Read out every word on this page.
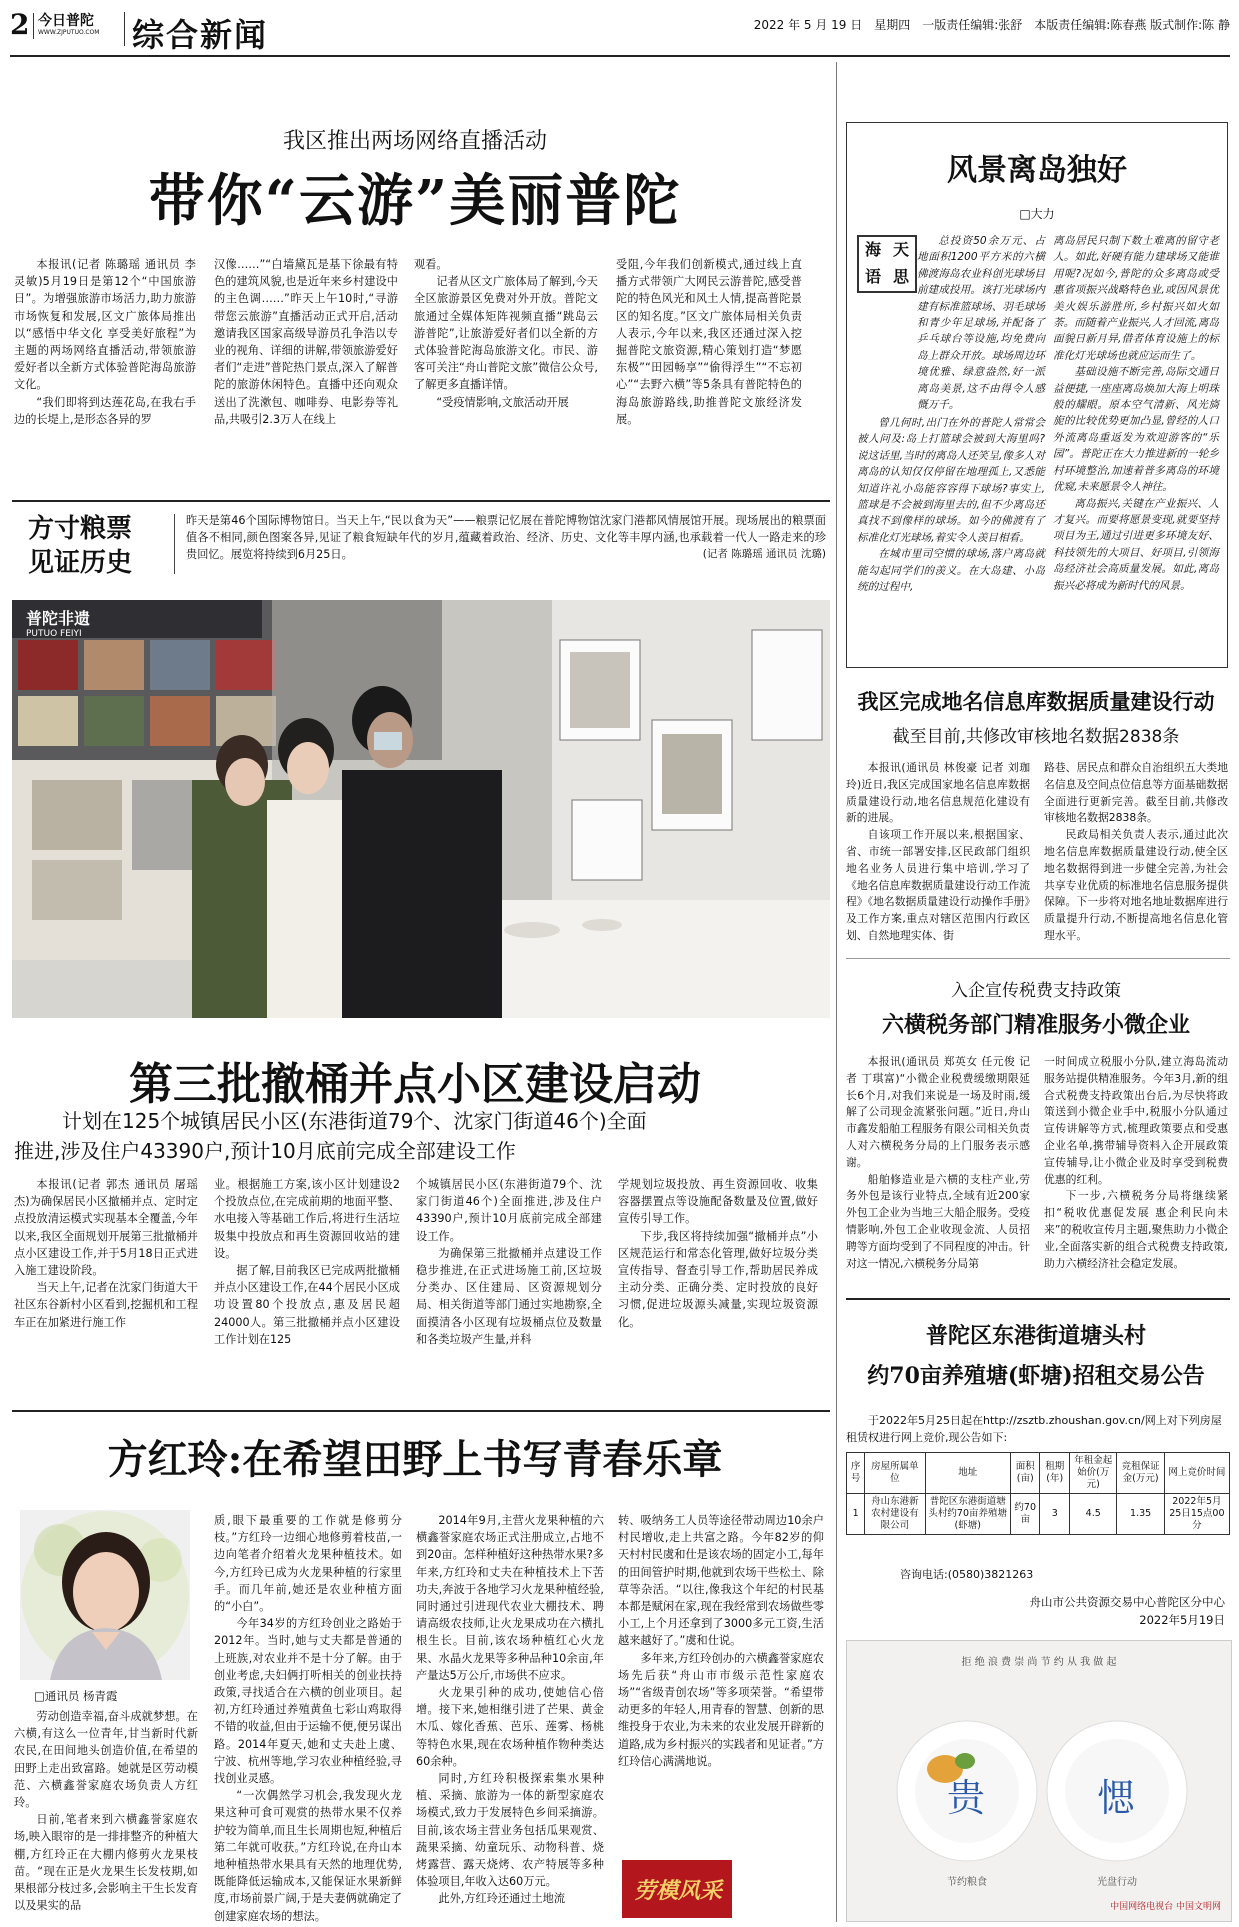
2 今日普陀
WWW.ZJPUTUO.COM 综合新闻	2022 年 5 月 19 日　星期四　一版责任编辑:张舒　本版责任编辑:陈春燕 版式制作:陈 静
我区推出两场网络直播活动
带你“云游”美丽普陀

本报讯(记者 陈璐瑶 通讯员 李灵敏)5月19日是第12个“中国旅游日”。为增强旅游市场活力,助力旅游市场恢复和发展,区文广旅体局推出以“感悟中华文化 享受美好旅程”为主题的两场网络直播活动,带领旅游爱好者以全新方式体验普陀海岛旅游文化。

“我们即将到达莲花岛,在我右手边的长堤上,是形态各异的罗

汉像……”“白墙黛瓦是基下徐最有特色的建筑风貌,也是近年来乡村建设中的主色调……”昨天上午10时,“寻游带您云旅游”直播活动正式开启,活动邀请我区国家高级导游员孔争浩以专业的视角、详细的讲解,带领旅游爱好者们“走进”普陀热门景点,深入了解普陀的旅游休闲特色。直播中还向观众送出了洗漱包、咖啡券、电影券等礼品,共吸引2.3万人在线上

观看。

记者从区文广旅体局了解到,今天全区旅游景区免费对外开放。普陀文旅通过全媒体矩阵视频直播“跳岛云游普陀”,让旅游爱好者们以全新的方式体验普陀海岛旅游文化。市民、游客可关注“舟山普陀文旅”微信公众号,了解更多直播详情。

“受疫情影响,文旅活动开展

受阻,今年我们创新模式,通过线上直播方式带领广大网民云游普陀,感受普陀的特色风光和风土人情,提高普陀景区的知名度。”区文广旅体局相关负责人表示,今年以来,我区还通过深入挖掘普陀文旅资源,精心策划打造“梦愿东极”“田园畅享”“偷得浮生”“不忘初心”“去野六横”等5条具有普陀特色的海岛旅游路线,助推普陀文旅经济发展。

方寸粮票
见证历史
昨天是第46个国际博物馆日。当天上午,“民以食为天”——粮票记忆展在普陀博物馆沈家门港都风情展馆开展。现场展出的粮票面值各不相同,颜色图案各异,见证了粮食短缺年代的岁月,蕴藏着政治、经济、历史、文化等丰厚内涵,也承载着一代人一路走来的珍贵回忆。展览将持续到6月25日。	(记者 陈璐瑶 通讯员 沈璐)
普陀非遗
PUTUO FEIYI
第三批撤桶并点小区建设启动
计划在125个城镇居民小区(东港街道79个、沈家门街道46个)全面
推进,涉及住户43390户,预计10月底前完成全部建设工作

本报讯(记者 郭杰 通讯员 屠瑶杰)为确保居民小区撤桶并点、定时定点投放清运模式实现基本全覆盖,今年以来,我区全面规划开展第三批撤桶并点小区建设工作,并于5月18日正式进入施工建设阶段。

当天上午,记者在沈家门街道大干社区东谷新村小区看到,挖掘机和工程车正在加紧进行施工作

业。根据施工方案,该小区计划建设2个投放点位,在完成前期的地面平整、水电接入等基础工作后,将进行生活垃圾集中投放点和再生资源回收站的建设。

据了解,目前我区已完成两批撤桶并点小区建设工作,在44个居民小区成功设置80个投放点,惠及居民超24000人。第三批撤桶并点小区建设工作计划在125

个城镇居民小区(东港街道79个、沈家门街道46个)全面推进,涉及住户43390户,预计10月底前完成全部建设工作。

为确保第三批撤桶并点建设工作稳步推进,在正式进场施工前,区垃圾分类办、区住建局、区资源规划分局、相关街道等部门通过实地勘察,全面摸清各小区现有垃圾桶点位及数量和各类垃圾产生量,并科

学规划垃圾投放、再生资源回收、收集容器摆置点等设施配备数量及位置,做好宣传引导工作。

下步,我区将持续加强“撤桶并点”小区规范运行和常态化管理,做好垃圾分类宣传指导、督查引导工作,帮助居民养成主动分类、正确分类、定时投放的良好习惯,促进垃圾源头减量,实现垃圾资源化。

方红玲:在希望田野上书写青春乐章
□通讯员 杨青霞

劳动创造幸福,奋斗成就梦想。在六横,有这么一位青年,甘当新时代新农民,在田间地头创造价值,在希望的田野上走出致富路。她就是区劳动模范、六横鑫誉家庭农场负责人方红玲。

日前,笔者来到六横鑫誉家庭农场,映入眼帘的是一排排整齐的种植大棚,方红玲正在大棚内修剪火龙果枝苗。“现在正是火龙果生长发枝期,如果根部分枝过多,会影响主干生长发育以及果实的品

质,眼下最重要的工作就是修剪分枝。”方红玲一边细心地修剪着枝苗,一边向笔者介绍着火龙果种植技术。如今,方红玲已成为火龙果种植的行家里手。而几年前,她还是农业种植方面的“小白”。

今年34岁的方红玲创业之路始于2012年。当时,她与丈夫都是普通的上班族,对农业并不是十分了解。由于创业考虑,夫妇俩打听相关的创业扶持政策,寻找适合在六横的创业项目。起初,方红玲通过养殖黄鱼七彩山鸡取得不错的收益,但由于运输不便,便另谋出路。2014年夏天,她和丈夫赴上虞、宁波、杭州等地,学习农业种植经验,寻找创业灵感。

“一次偶然学习机会,我发现火龙果这种可食可观赏的热带水果不仅养护较为简单,而且生长周期也短,种植后第二年就可收获。”方红玲说,在舟山本地种植热带水果具有天然的地理优势,既能降低运输成本,又能保证水果新鲜度,市场前景广阔,于是夫妻俩就确定了创建家庭农场的想法。

2014年9月,主营火龙果种植的六横鑫誉家庭农场正式注册成立,占地不到20亩。怎样种植好这种热带水果?多年来,方红玲和丈夫在种植技术上下苦功夫,奔波于各地学习火龙果种植经验,同时通过引进现代农业大棚技术、聘请高级农技师,让火龙果成功在六横扎根生长。目前,该农场种植红心火龙果、水晶火龙果等多种品种10余亩,年产量达5万公斤,市场供不应求。

火龙果引种的成功,使她信心倍增。接下来,她相继引进了芒果、黄金木瓜、嫁化香蕉、芭乐、莲雾、杨桃等特色水果,现在农场种植作物种类达60余种。

同时,方红玲积极探索集水果种植、采摘、旅游为一体的新型家庭农场模式,致力于发展特色乡间采摘游。目前,该农场主营业务包括瓜果观赏、蔬果采摘、幼童玩乐、动物科普、烧烤露营、露天烧烤、农产特展等多种体验项目,年收入达60万元。

此外,方红玲还通过土地流

转、吸纳务工人员等途径带动周边10余户村民增收,走上共富之路。今年82岁的仰天村村民虞和仕是该农场的固定小工,每年的田间管护时期,他就到农场干些松土、除草等杂活。“以往,像我这个年纪的村民基本都是赋闲在家,现在我经常到农场做些零小工,上个月还拿到了3000多元工资,生活越来越好了。”虞和仕说。

多年来,方红玲创办的六横鑫誉家庭农场先后获“舟山市市级示范性家庭农场”“省级青创农场”等多项荣誉。“希望带动更多的年轻人,用青春的智慧、创新的思维投身于农业,为未来的农业发展开辟新的道路,成为乡村振兴的实践者和见证者。”方红玲信心满满地说。

劳模风采
风景离岛独好
□大力
海 天
语 思

总投资50余万元、占地面积1200平方米的六横佛渡海岛农业科创光球场目前建成投用。该打光球场内建有标准篮球场、羽毛球场和青少年足球场,并配备了乒乓球台等设施,均免费向岛上群众开放。球场周边环境优雅、绿意盎然,好一派离岛美景,这不由得令人感慨万千。

曾几何时,出门在外的普陀人常常会被人问及:岛上打篮球会被到大海里吗?说这话里,当时的离岛人还笑呈,像多人对离岛的认知仅仅停留在地理孤上,又悉能知道许礼小岛能容容得下球场?事实上,篮球是不会被到海里去的,但不少离岛还真找不到像样的球场。如今的佛渡有了标准化灯光球场,着实令人羡目相看。

在城市里司空惯的球场,落户离岛就能勾起同学们的羡义。在大岛建、小岛统的过程中,

离岛居民只制下数土难离的留守老人。如此,好硬有能力建球场又能谁用呢?况如今,普陀的众多离岛或受惠省项振兴战略特色业,或因风景优美火娱乐游胜所,乡村振兴如火如荼。而随着产业振兴,人才回流,离岛面貌日新月异,借者体育设施上的标准化灯光球场也就应运而生了。

基础设施不断完善,岛际交通日益便捷,一座座离岛焕加大海上明珠般的耀眼。原本空气清新、风光旖旎的比较优势更加凸显,曾经的人口外流离岛重返发为欢迎游客的“乐园”。普陀正在大力推进新的一轮乡村环境整治,加速着普多离岛的环境优窥,未来愿景令人神往。

离岛振兴,关键在产业振兴、人才复兴。而要将愿景变现,就要坚持项目为王,通过引进更多环境友好、科技领先的大项目、好项目,引领海岛经济社会高质量发展。如此,离岛振兴必将成为新时代的风景。

我区完成地名信息库数据质量建设行动
截至目前,共修改审核地名数据2838条

本报讯(通讯员 林俊豪 记者 刘珈玲)近日,我区完成国家地名信息库数据质量建设行动,地名信息规范化建设有新的进展。

自该项工作开展以来,根据国家、省、市统一部署安排,区民政部门组织地名业务人员进行集中培训,学习了《地名信息库数据质量建设行动工作流程》《地名数据质量建设行动操作手册》及工作方案,重点对辖区范围内行政区划、自然地理实体、街

路巷、居民点和群众自治组织五大类地名信息及空间点位信息等方面基础数据全面进行更新完善。截至目前,共修改审核地名数据2838条。

民政局相关负责人表示,通过此次地名信息库数据质量建设行动,使全区地名数据得到进一步健全完善,为社会共享专业优质的标准地名信息服务提供保障。下一步将对地名地址数据库进行质量提升行动,不断提高地名信息化管理水平。

入企宣传税费支持政策
六横税务部门精准服务小微企业

本报讯(通讯员 郑英女 任元俊 记者 丁琪富)“小微企业税费缓缴期限延长6个月,对我们来说是一场及时雨,缓解了公司现金流紧张问题。”近日,舟山市鑫发船舶工程服务有限公司相关负责人对六横税务分局的上门服务表示感谢。

船舶修造业是六横的支柱产业,劳务外包是该行业特点,全域有近200家外包工企业为当地三大船企服务。受疫情影响,外包工企业收现金流、人员招聘等方面均受到了不同程度的冲击。针对这一情况,六横税务分局第

一时间成立税服小分队,建立海岛流动服务站提供精准服务。今年3月,新的组合式税费支持政策出台后,为尽快将政策送到小微企业手中,税服小分队通过宣传讲解等方式,梳理政策要点和受惠企业名单,携带辅导资料入企开展政策宣传辅导,让小微企业及时享受到税费优惠的红利。

下一步,六横税务分局将继续紧扣“税收优惠促发展 惠企利民向未来”的税收宣传月主题,聚焦助力小微企业,全面落实新的组合式税费支持政策,助力六横经济社会稳定发展。

普陀区东港街道塘头村
约70亩养殖塘(虾塘)招租交易公告
于2022年5月25日起在http://zsztb.zhoushan.gov.cn/网上对下列房屋租赁权进行网上竞价,现公告如下:
序号	房屋所属单位	地址	面积(亩)	租期(年)	年租金起始价(万元)	竞租保证金(万元)	网上竞价时间
1	舟山东港新农村建设有限公司	普陀区东港街道塘头村约70亩养殖塘(虾塘)	约70亩	3	4.5	1.35	2022年5月25日15点00分
咨询电话:(0580)3821263
舟山市公共资源交易中心普陀区分中心
2022年5月19日
拒 绝 浪 费 崇 尚 节 约 从 我 做 起
贵	愢
节约粮食	光盘行动
中国网络电视台 中国文明网
